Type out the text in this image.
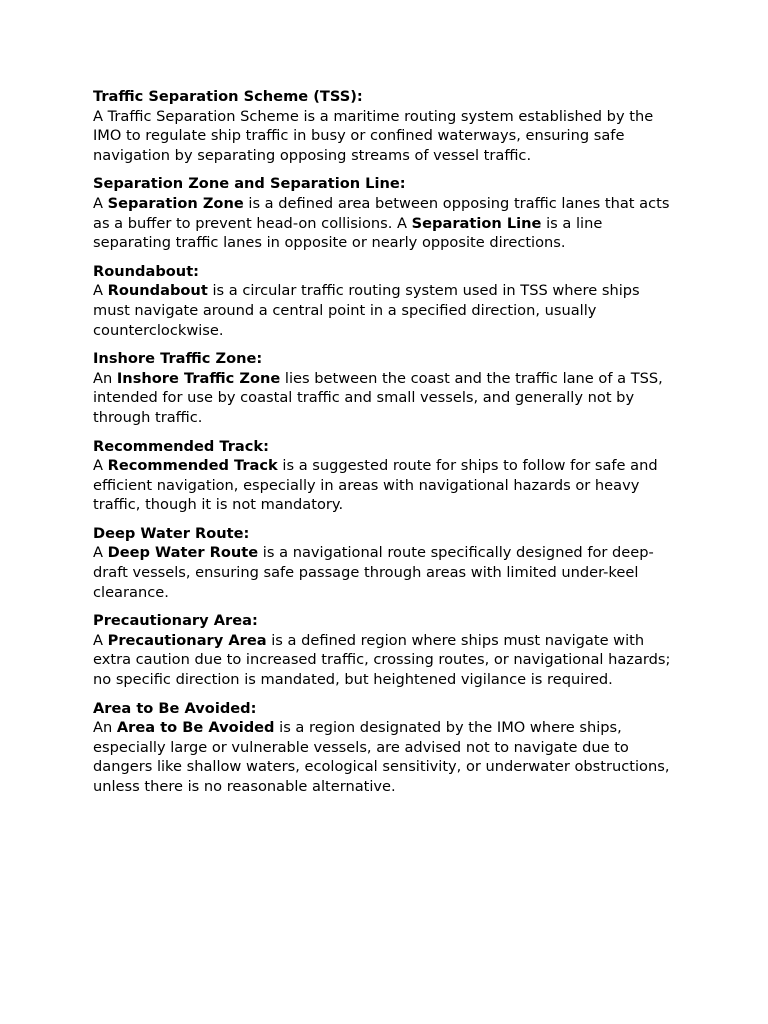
Traffic Separation Scheme (TSS):

A Traffic Separation Scheme is a maritime routing system established by the IMO to regulate ship traffic in busy or confined waterways, ensuring safe navigation by separating opposing streams of vessel traffic.

Separation Zone and Separation Line:

A Separation Zone is a defined area between opposing traffic lanes that acts as a buffer to prevent head-on collisions. A Separation Line is a line separating traffic lanes in opposite or nearly opposite directions.

Roundabout:

A Roundabout is a circular traffic routing system used in TSS where ships must navigate around a central point in a specified direction, usually counterclockwise.

Inshore Traffic Zone:

An Inshore Traffic Zone lies between the coast and the traffic lane of a TSS, intended for use by coastal traffic and small vessels, and generally not by through traffic.

Recommended Track:

A Recommended Track is a suggested route for ships to follow for safe and efficient navigation, especially in areas with navigational hazards or heavy traffic, though it is not mandatory.

Deep Water Route:

A Deep Water Route is a navigational route specifically designed for deep-draft vessels, ensuring safe passage through areas with limited under-keel clearance.

Precautionary Area:

A Precautionary Area is a defined region where ships must navigate with extra caution due to increased traffic, crossing routes, or navigational hazards; no specific direction is mandated, but heightened vigilance is required.

Area to Be Avoided:

An Area to Be Avoided is a region designated by the IMO where ships, especially large or vulnerable vessels, are advised not to navigate due to dangers like shallow waters, ecological sensitivity, or underwater obstructions, unless there is no reasonable alternative.
